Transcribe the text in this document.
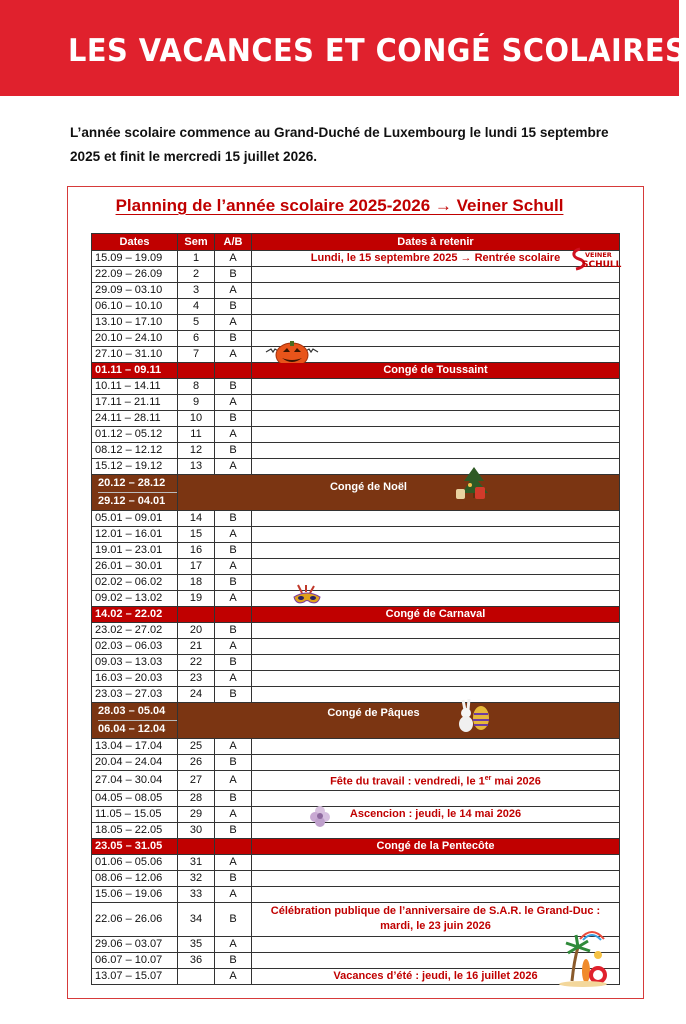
LES VACANCES ET CONGÉ SCOLAIRES
L’année scolaire commence au Grand-Duché de Luxembourg le lundi 15 septembre 2025 et finit le mercredi 15 juillet 2026.
Planning de l’année scolaire 2025-2026 → Veiner Schull
Dates	Sem	A/B	Dates à retenir
15.09 – 19.09	1	A	Lundi, le 15 septembre 2025 → Rentrée scolaire VEINER
SCHULL

22.09 – 26.09	2	B	
29.09 – 03.10	3	A	
06.10 – 10.10	4	B	
13.10 – 17.10	5	A	
20.10 – 24.10	6	B	
27.10 – 31.10	7	A	

01.11 – 09.11			Congé de Toussaint
10.11 – 14.11	8	B	
17.11 – 21.11	9	A	
24.11 – 28.11	10	B	
01.12 – 05.12	11	A	
08.12 – 12.12	12	B	
15.12 – 19.12	13	A	

20.12 – 28.12
29.12 – 04.01	Congé de Noël		

05.01 – 09.01	14	B	
12.01 – 16.01	15	A	
19.01 – 23.01	16	B	
26.01 – 30.01	17	A	
02.02 – 06.02	18	B	
09.02 – 13.02	19	A	

14.02 – 22.02			Congé de Carnaval
23.02 – 27.02	20	B	
02.03 – 06.03	21	A	
09.03 – 13.03	22	B	
16.03 – 20.03	23	A	
23.03 – 27.03	24	B	

28.03 – 05.04
06.04 – 12.04	Congé de Pâques		

13.04 – 17.04	25	A	
20.04 – 24.04	26	B	
27.04 – 30.04	27	A	Fête du travail : vendredi, le 1er mai 2026
04.05 – 08.05	28	B	
11.05 – 15.05	29	A	Ascencion : jeudi, le 14 mai 2026
18.05 – 22.05	30	B	
23.05 – 31.05			Congé de la Pentecôte
01.06 – 05.06	31	A	
08.06 – 12.06	32	B	
15.06 – 19.06	33	A	
22.06 – 26.06	34	B	Célébration publique de l’anniversaire de S.A.R. le Grand-Duc :
mardi, le 23 juin 2026

29.06 – 03.07	35	A	
06.07 – 10.07	36	B	
13.07 – 15.07		A	Vacances d’été : jeudi, le 16 juillet 2026
